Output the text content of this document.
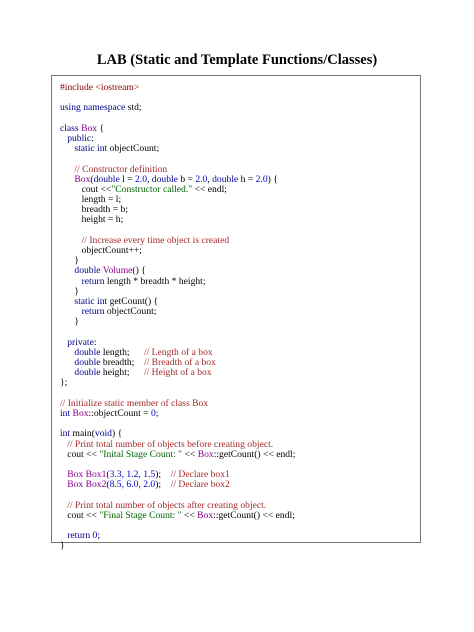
LAB (Static and Template Functions/Classes)
#include <iostream>

using namespace std;

class Box {
public:
static int objectCount;

// Constructor definition
Box(double l = 2.0, double b = 2.0, double h = 2.0) {
cout <<"Constructor called." << endl;
length = l;
breadth = b;
height = h;

// Increase every time object is created
objectCount++;
}
double Volume() {
return length * breadth * height;
}
static int getCount() {
return objectCount;
}

private:
double length;      // Length of a box
double breadth;    // Breadth of a box
double height;      // Height of a box
};

// Initialize static member of class Box
int Box::objectCount = 0;

int main(void) {
// Print total number of objects before creating object.
cout << "Inital Stage Count: " << Box::getCount() << endl;

Box Box1(3.3, 1.2, 1.5);    // Declare box1
Box Box2(8.5, 6.0, 2.0);    // Declare box2

// Print total number of objects after creating object.
cout << "Final Stage Count: " << Box::getCount() << endl;

return 0;
}
